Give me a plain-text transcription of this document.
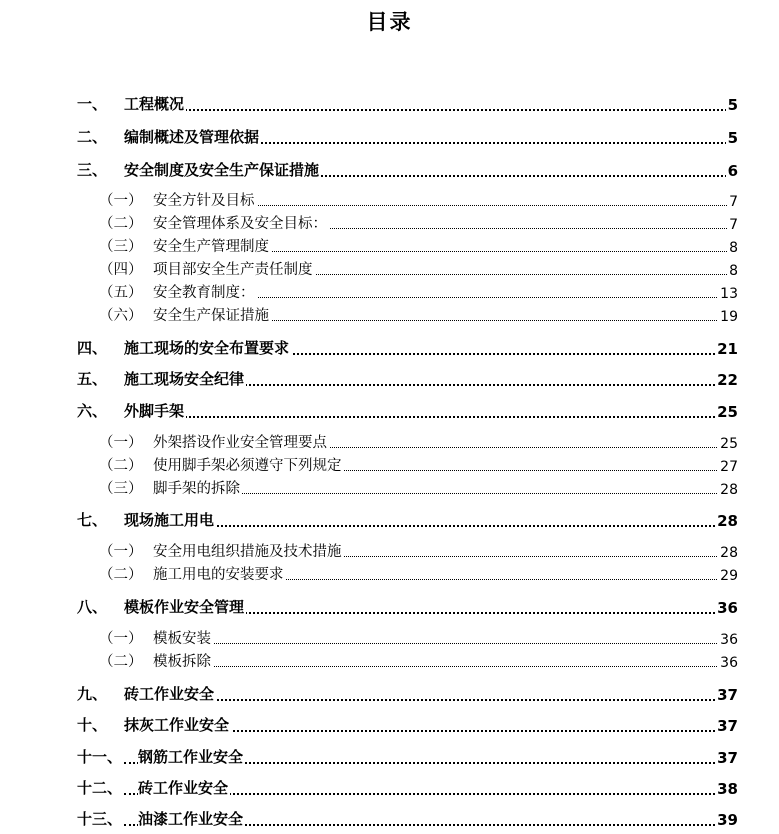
目录
一、 工程概况	5
二、 编制概述及管理依据	5
三、 安全制度及安全生产保证措施	6
（一） 安全方针及目标	7
（二） 安全管理体系及安全目标：	7
（三） 安全生产管理制度	8
（四） 项目部安全生产责任制度	8
（五） 安全教育制度：	13
（六） 安全生产保证措施	19
四、 施工现场的安全布置要求	21
五、 施工现场安全纪律	22
六、 外脚手架	25
（一） 外架搭设作业安全管理要点	25
（二） 使用脚手架必须遵守下列规定	27
（三） 脚手架的拆除	28
七、 现场施工用电	28
（一） 安全用电组织措施及技术措施	28
（二） 施工用电的安装要求	29
八、 模板作业安全管理	36
（一） 模板安装	36
（二） 模板拆除	36
九、 砖工作业安全	37
十、 抹灰工作业安全	37
十一、 钢筋工作业安全	37
十二、 砖工作业安全	38
十三、 油漆工作业安全	39
